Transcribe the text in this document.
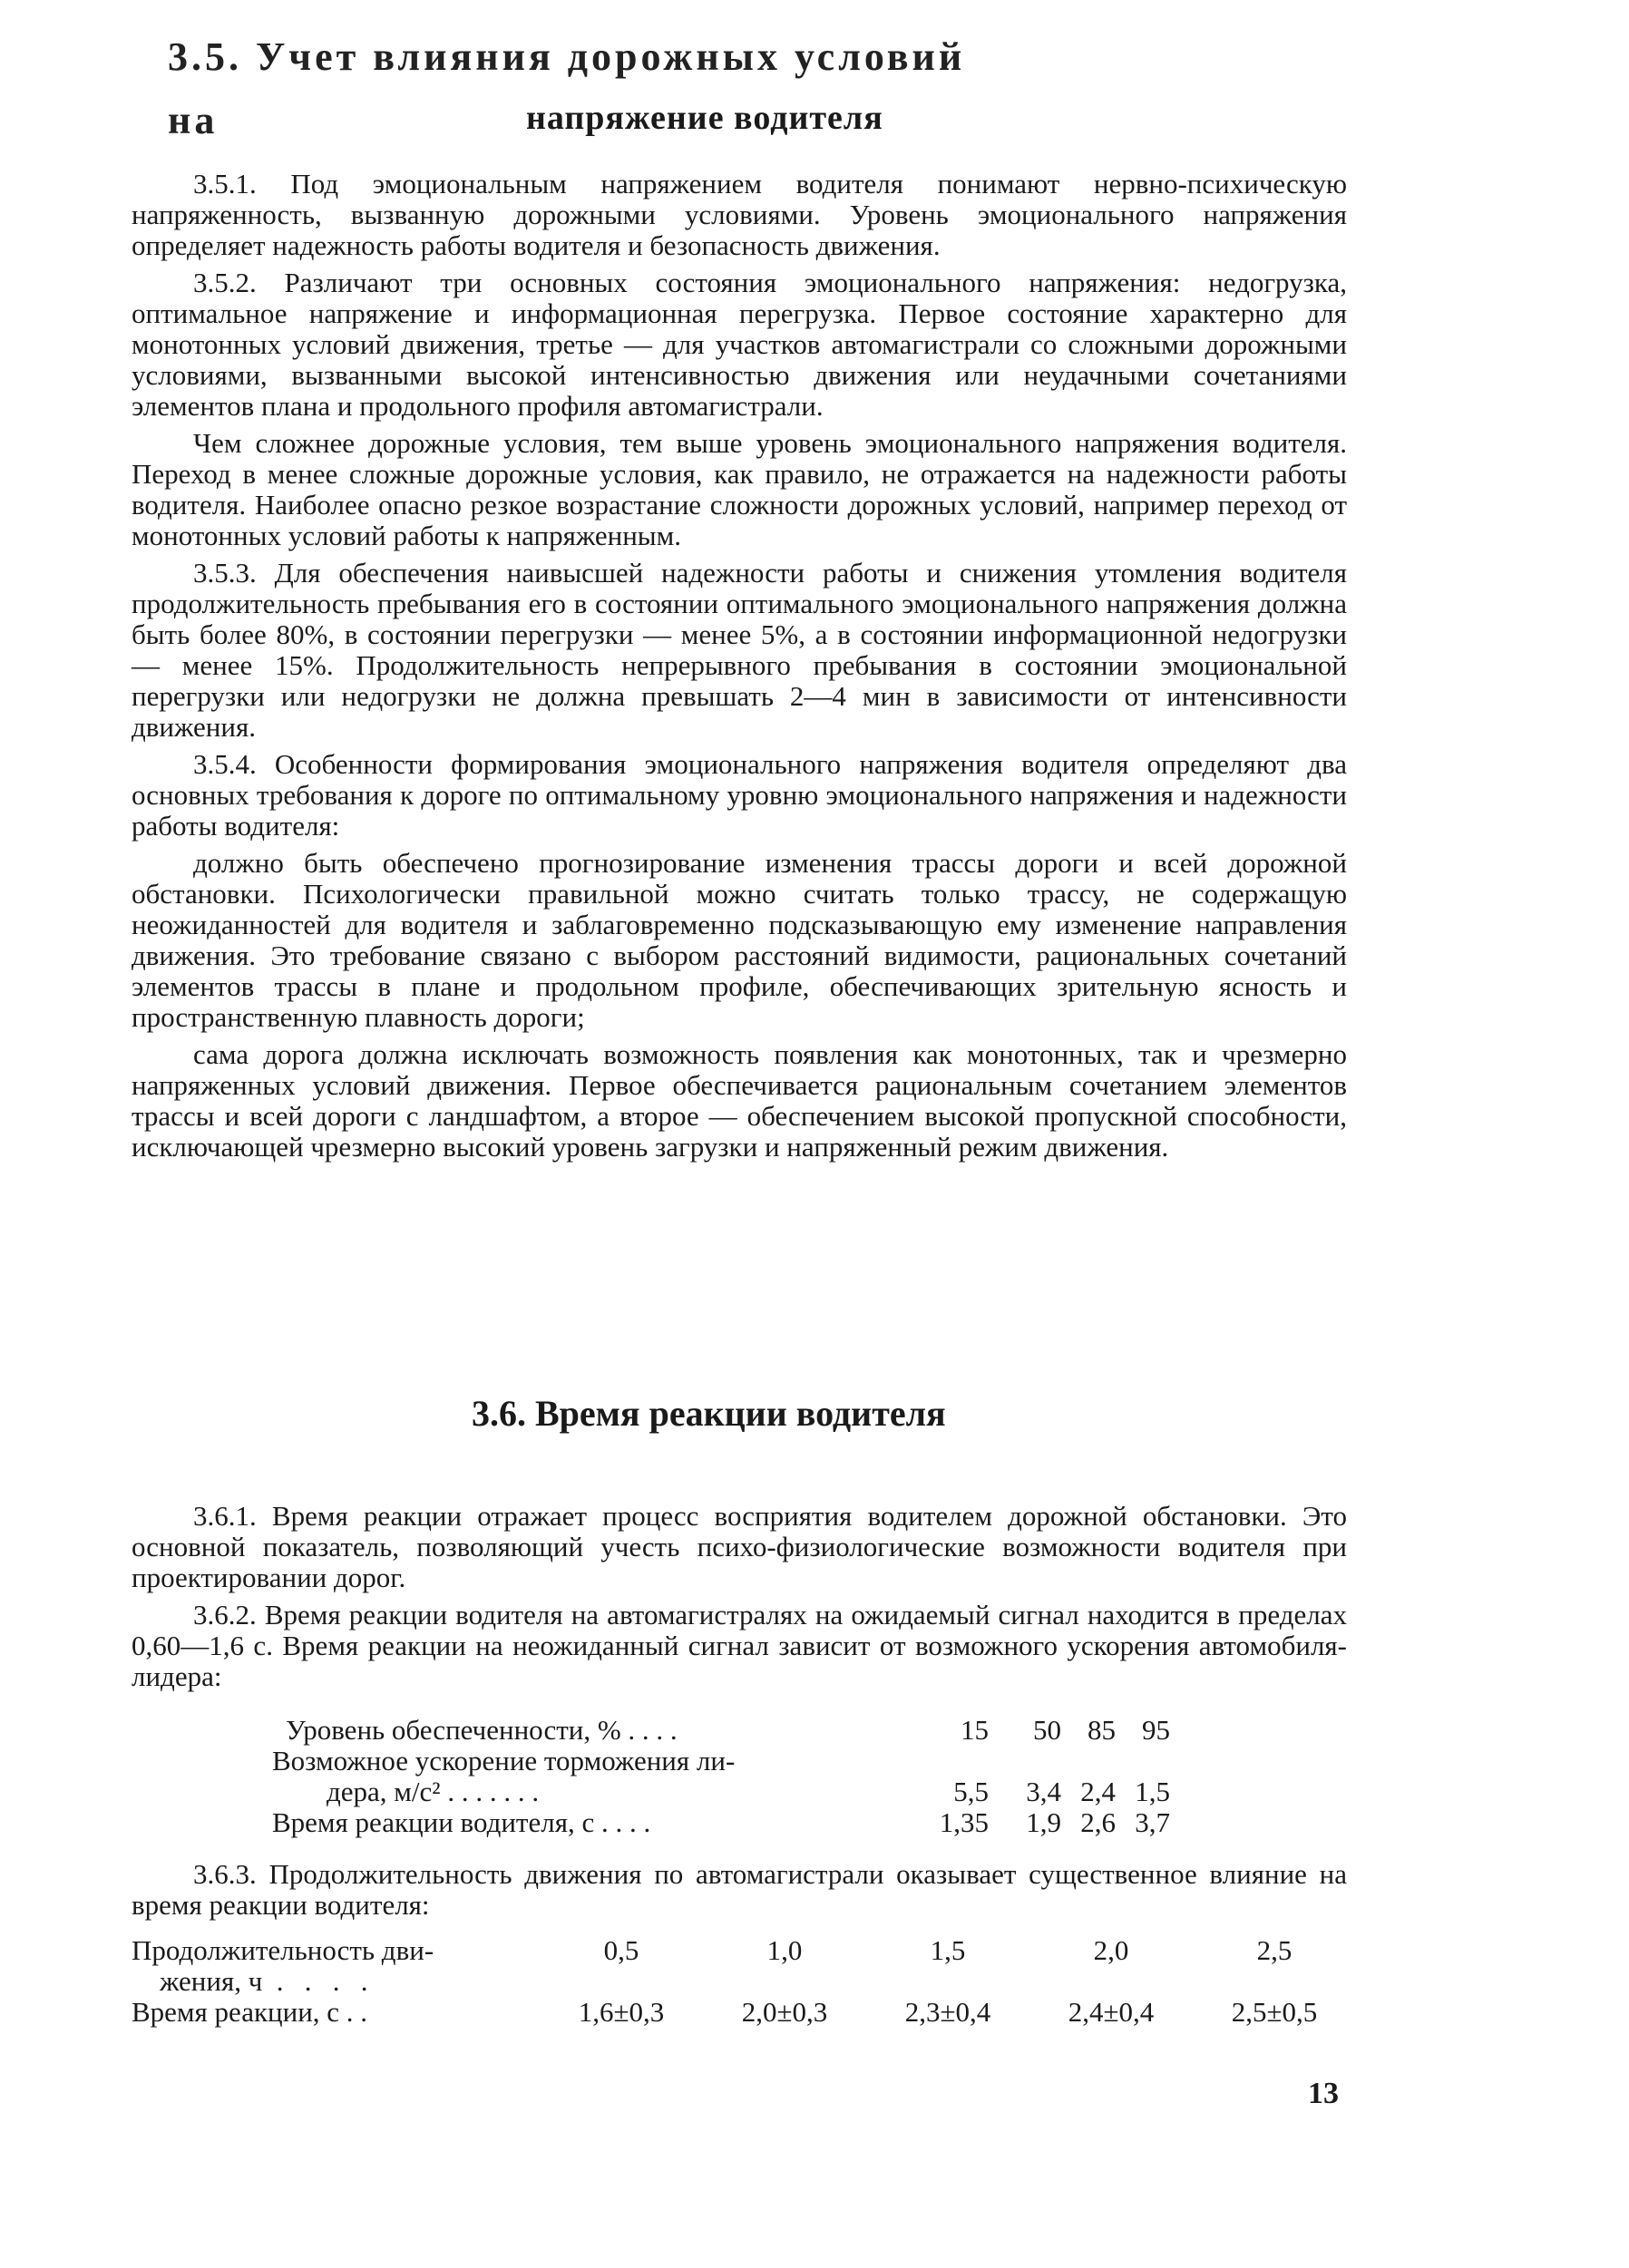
3.5. Учет влияния дорожных условий на	напряжение водителя

3.5.1. Под эмоциональным напряжением водителя понимают нервно-психическую напряженность, вызванную дорожными условиями. Уровень эмоционального напряжения определяет надежность работы водителя и безопасность движения.

3.5.2. Различают три основных состояния эмоционального напряжения: недогрузка, оптимальное напряжение и информационная перегрузка. Первое состояние характерно для монотонных условий движения, третье — для участков автомагистрали со сложными дорожными условиями, вызванными высокой интенсивностью движения или неудачными сочетаниями элементов плана и продольного профиля автомагистрали.

Чем сложнее дорожные условия, тем выше уровень эмоционального напряжения водителя. Переход в менее сложные дорожные условия, как правило, не отражается на надежности работы водителя. Наиболее опасно резкое возрастание сложности дорожных условий, например переход от монотонных условий работы к напряженным.

3.5.3. Для обеспечения наивысшей надежности работы и снижения утомления водителя продолжительность пребывания его в состоянии оптимального эмоционального напряжения должна быть более 80%, в состоянии перегрузки — менее 5%, а в состоянии информационной недогрузки — менее 15%. Продолжительность непрерывного пребывания в состоянии эмоциональной перегрузки или недогрузки не должна превышать 2—4 мин в зависимости от интенсивности движения.

3.5.4. Особенности формирования эмоционального напряжения водителя определяют два основных требования к дороге по оптимальному уровню эмоционального напряжения и надежности работы водителя:

должно быть обеспечено прогнозирование изменения трассы дороги и всей дорожной обстановки. Психологически правильной можно считать только трассу, не содержащую неожиданностей для водителя и заблаговременно подсказывающую ему изменение направления движения. Это требование связано с выбором расстояний видимости, рациональных сочетаний элементов трассы в плане и продольном профиле, обеспечивающих зрительную ясность и пространственную плавность дороги;

сама дорога должна исключать возможность появления как монотонных, так и чрезмерно напряженных условий движения. Первое обеспечивается рациональным сочетанием элементов трассы и всей дороги с ландшафтом, а второе — обеспечением высокой пропускной способности, исключающей чрезмерно высокий уровень загрузки и напряженный режим движения.

3.6. Время реакции водителя

3.6.1. Время реакции отражает процесс восприятия водителем дорожной обстановки. Это основной показатель, позволяющий учесть психо-физиологические возможности водителя при проектировании дорог.

3.6.2. Время реакции водителя на автомагистралях на ожидаемый сигнал находится в пределах 0,60—1,6 с. Время реакции на неожиданный сигнал зависит от возможного ускорения автомобиля-лидера:

Уровень обеспеченности, % . . . .	15	50 85 95
Возможное ускорение торможения ли-
дера, м/с² . . . . . . .	5,5	3,4 2,4 1,5
Время реакции водителя, с . . . .	1,35	1,9 2,6 3,7

3.6.3. Продолжительность движения по автомагистрали оказывает существенное влияние на время реакции водителя:

Продолжительность дви-	0,5	1,0	1,5	2,0	2,5
жения, ч  .   .   .   .
Время реакции, с . .	1,6±0,3	2,0±0,3	2,3±0,4	2,4±0,4	2,5±0,5
13
